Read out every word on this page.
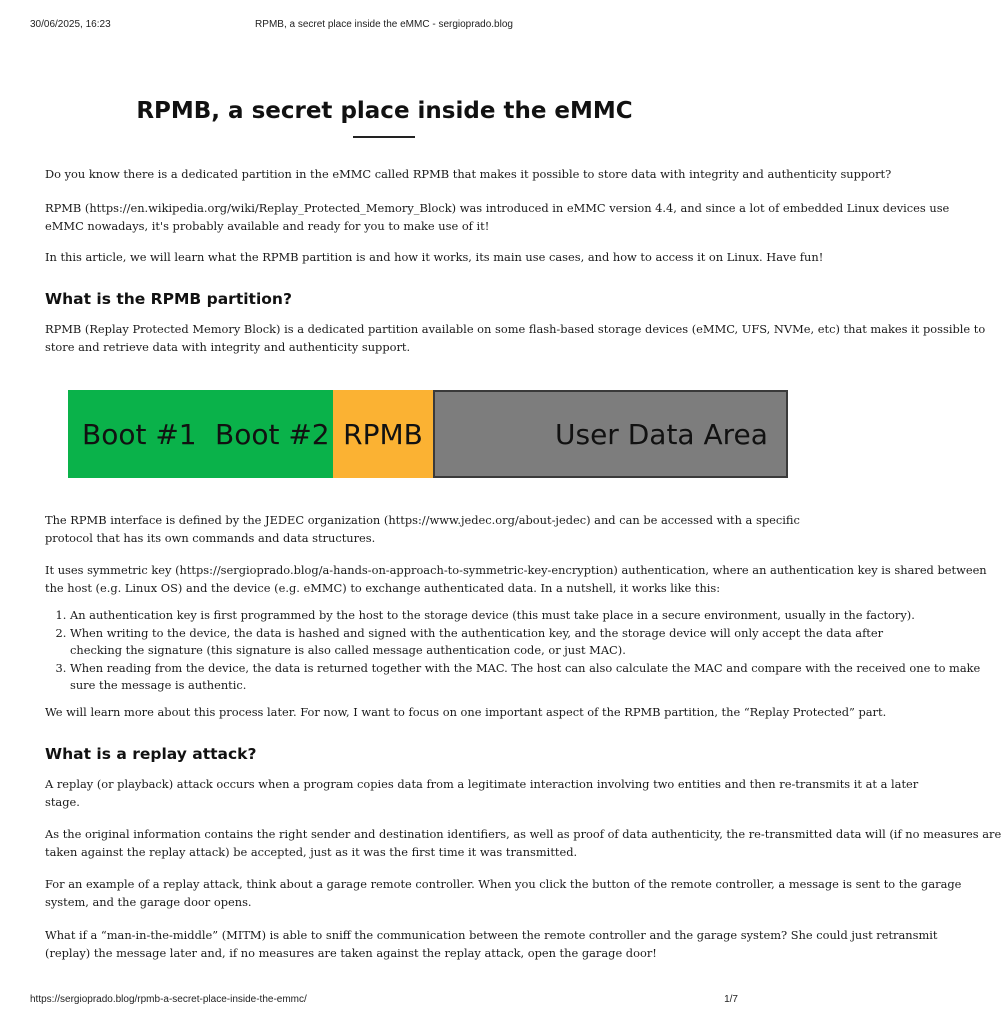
30/06/2025, 16:23	RPMB, a secret place inside the eMMC - sergioprado.blog
RPMB, a secret place inside the eMMC

Do you know there is a dedicated partition in the eMMC called RPMB that makes it possible to store data with integrity and authenticity support?

RPMB (https://en.wikipedia.org/wiki/Replay_Protected_Memory_Block) was introduced in eMMC version 4.4, and since a lot of embedded Linux devices use

eMMC nowadays, it's probably available and ready for you to make use of it!

In this article, we will learn what the RPMB partition is and how it works, its main use cases, and how to access it on Linux. Have fun!

What is the RPMB partition?

RPMB (Replay Protected Memory Block) is a dedicated partition available on some flash-based storage devices (eMMC, UFS, NVMe, etc) that makes it possible to

store and retrieve data with integrity and authenticity support.

The RPMB interface is defined by the JEDEC organization (https://www.jedec.org/about-jedec) and can be accessed with a specific

protocol that has its own commands and data structures.

It uses symmetric key (https://sergioprado.blog/a-hands-on-approach-to-symmetric-key-encryption) authentication, where an authentication key is shared between

the host (e.g. Linux OS) and the device (e.g. eMMC) to exchange authenticated data. In a nutshell, it works like this:

1. An authentication key is first programmed by the host to the storage device (this must take place in a secure environment, usually in the factory).
2. When writing to the device, the data is hashed and signed with the authentication key, and the storage device will only accept the data after
checking the signature (this signature is also called message authentication code, or just MAC).
3. When reading from the device, the data is returned together with the MAC. The host can also calculate the MAC and compare with the received one to make
sure the message is authentic.

We will learn more about this process later. For now, I want to focus on one important aspect of the RPMB partition, the “Replay Protected” part.

What is a replay attack?

A replay (or playback) attack occurs when a program copies data from a legitimate interaction involving two entities and then re-transmits it at a later

stage.

As the original information contains the right sender and destination identifiers, as well as proof of data authenticity, the re-transmitted data will (if no measures are

taken against the replay attack) be accepted, just as it was the first time it was transmitted.

For an example of a replay attack, think about a garage remote controller. When you click the button of the remote controller, a message is sent to the garage

system, and the garage door opens.

What if a “man-in-the-middle” (MITM) is able to sniff the communication between the remote controller and the garage system? She could just retransmit

(replay) the message later and, if no measures are taken against the replay attack, open the garage door!

Boot #1 Boot #2 RPMB	User Data Area
https://sergioprado.blog/rpmb-a-secret-place-inside-the-emmc/	1/7
